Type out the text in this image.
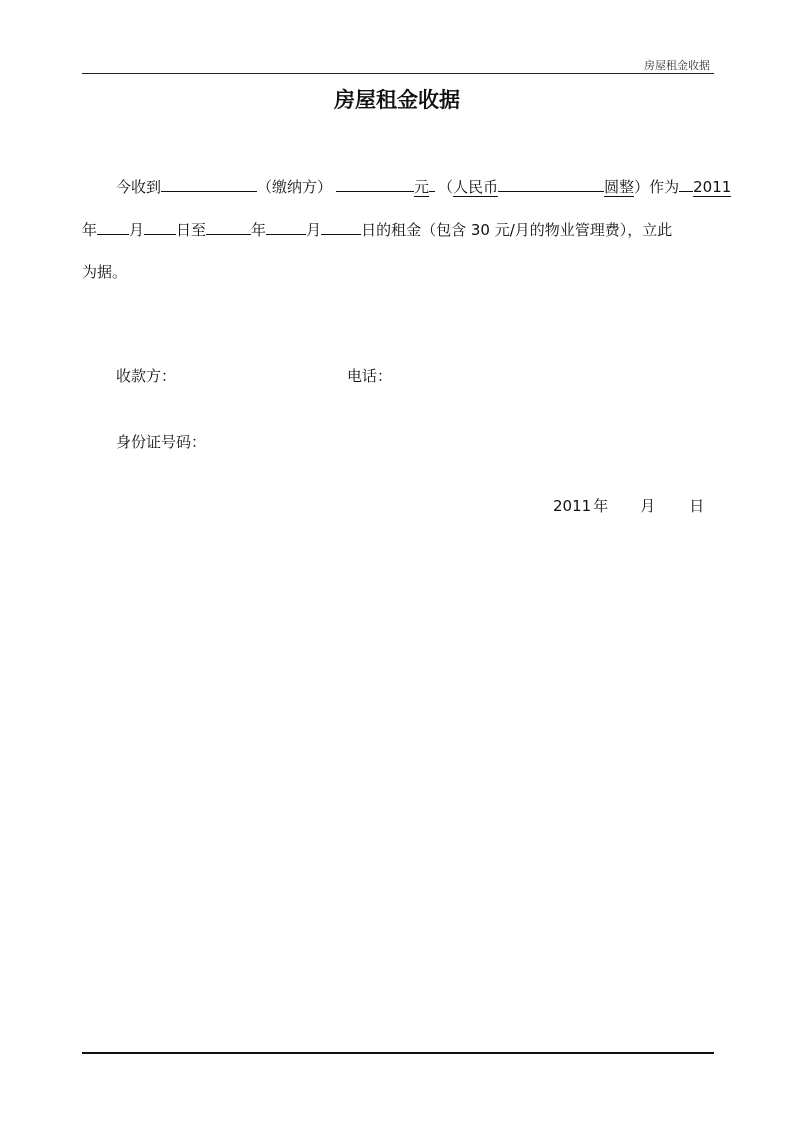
房屋租金收据
房屋租金收据
今收到	（缴纳方）	元 （人民币	圆整）作为 2011
年 月 日至	年	月	日的租金（包含 30 元/月的物业管理费），立此
为据。
收款方：	电话：
身份证号码：
2011 年 月 日
